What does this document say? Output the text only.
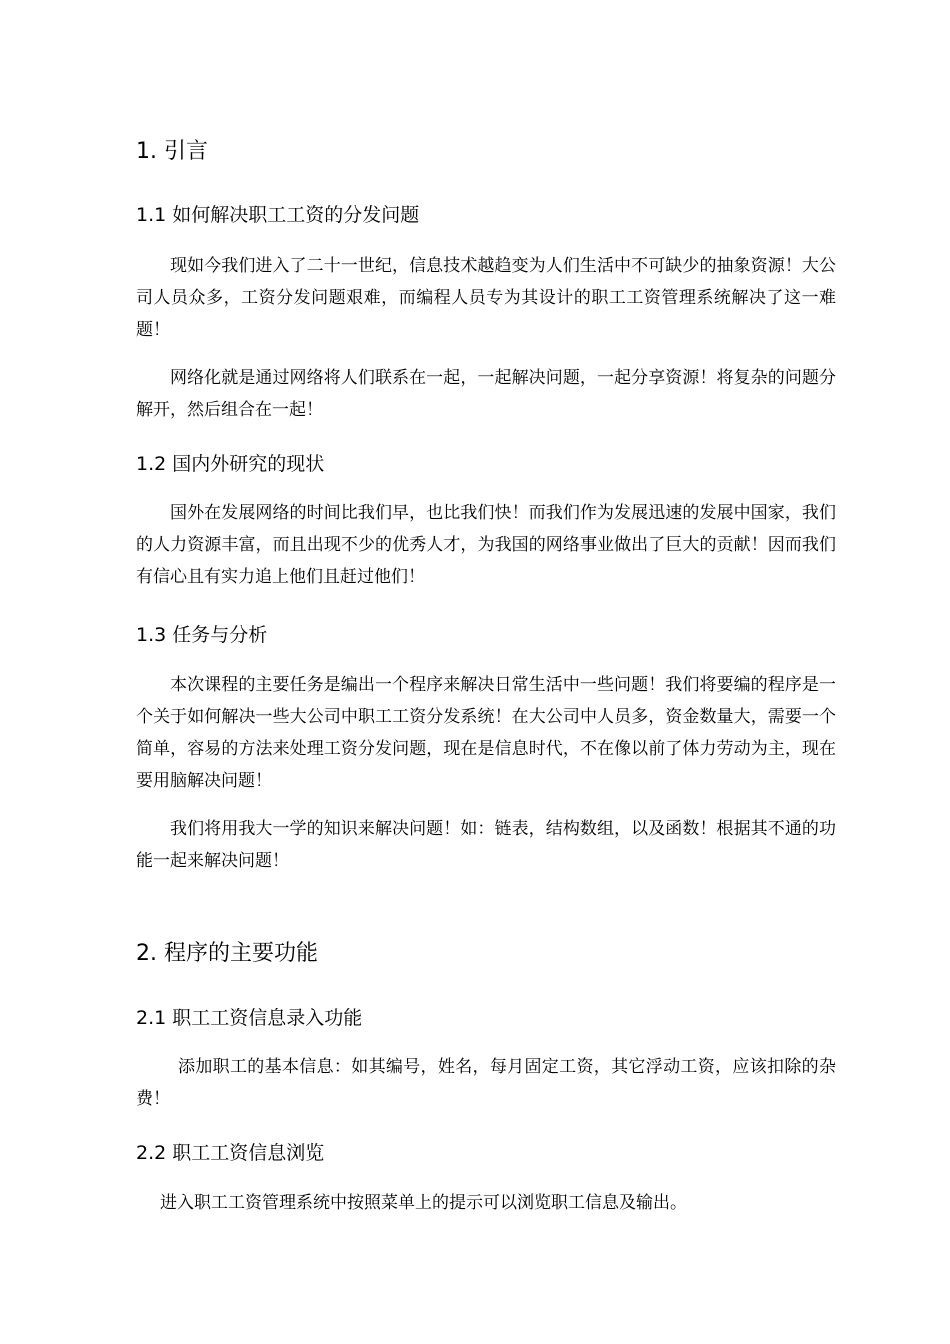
1. 引言
1.1 如何解决职工工资的分发问题
现如今我们进入了二十一世纪，信息技术越趋变为人们生活中不可缺少的抽象资源！大公司人员众多，工资分发问题艰难，而编程人员专为其设计的职工工资管理系统解决了这一难题！
网络化就是通过网络将人们联系在一起，一起解决问题，一起分享资源！将复杂的问题分解开，然后组合在一起！
1.2 国内外研究的现状
国外在发展网络的时间比我们早，也比我们快！而我们作为发展迅速的发展中国家，我们的人力资源丰富，而且出现不少的优秀人才，为我国的网络事业做出了巨大的贡献！因而我们有信心且有实力追上他们且赶过他们！
1.3 任务与分析
本次课程的主要任务是编出一个程序来解决日常生活中一些问题！我们将要编的程序是一个关于如何解决一些大公司中职工工资分发系统！在大公司中人员多，资金数量大，需要一个简单，容易的方法来处理工资分发问题，现在是信息时代，不在像以前了体力劳动为主，现在要用脑解决问题！
我们将用我大一学的知识来解决问题！如：链表，结构数组，以及函数！根据其不通的功能一起来解决问题！
2. 程序的主要功能
2.1 职工工资信息录入功能
添加职工的基本信息：如其编号，姓名，每月固定工资，其它浮动工资，应该扣除的杂费！
2.2 职工工资信息浏览
进入职工工资管理系统中按照菜单上的提示可以浏览职工信息及输出。
